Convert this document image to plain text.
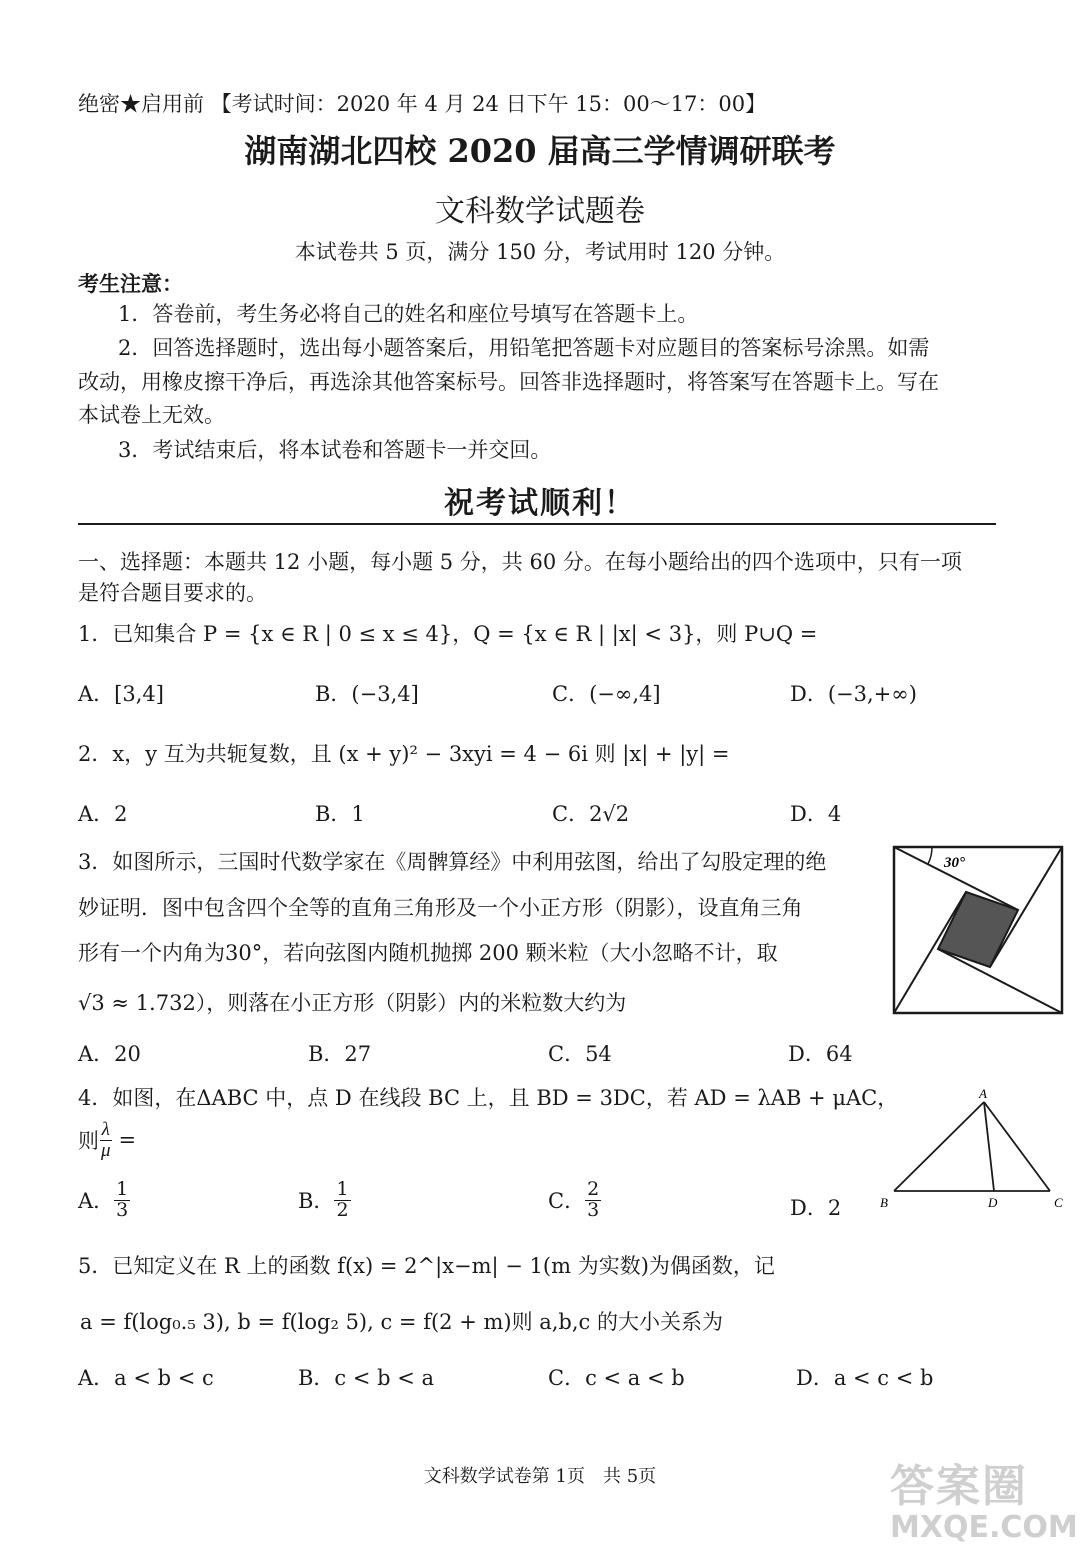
绝密★启用前 【考试时间：2020 年 4 月 24 日下午 15：00～17：00】
湖南湖北四校 2020 届高三学情调研联考
文科数学试题卷
本试卷共 5 页，满分 150 分，考试用时 120 分钟。
考生注意：
1．答卷前，考生务必将自己的姓名和座位号填写在答题卡上。
2．回答选择题时，选出每小题答案后，用铅笔把答题卡对应题目的答案标号涂黑。如需
改动，用橡皮擦干净后，再选涂其他答案标号。回答非选择题时，将答案写在答题卡上。写在
本试卷上无效。
3．考试结束后，将本试卷和答题卡一并交回。
祝考试顺利！
一、选择题：本题共 12 小题，每小题 5 分，共 60 分。在每小题给出的四个选项中，只有一项
是符合题目要求的。
1．已知集合 P = {x ∈ R | 0 ≤ x ≤ 4}，Q = {x ∈ R | |x| < 3}，则 P∪Q =
A．[3,4]	B．(−3,4]	C．(−∞,4]	D．(−3,+∞)
2．x，y 互为共轭复数，且 (x + y)² − 3xyi = 4 − 6i 则 |x| + |y| =
A．2	B．1	C．2√2	D．4
3．如图所示，三国时代数学家在《周髀算经》中利用弦图，给出了勾股定理的绝
妙证明．图中包含四个全等的直角三角形及一个小正方形（阴影），设直角三角
形有一个内角为30°，若向弦图内随机抛掷 200 颗米粒（大小忽略不计，取
√3 ≈ 1.732），则落在小正方形（阴影）内的米粒数大约为
30°
A．20	B．27	C．54	D．64
4．如图，在ΔABC 中，点 D 在线段 BC 上，且 BD = 3DC，若 AD = λAB + μAC，
则 $\frac{\lambda}{\mu}$ =
A． $\frac{1}{3}$	B． $\frac{1}{2}$	C． $\frac{2}{3}$	D．2
A
B	D	C
5．已知定义在 R 上的函数 f(x) = 2^|x−m| − 1(m 为实数)为偶函数，记
a = f(log₀.₅ 3), b = f(log₂ 5), c = f(2 + m)则 a,b,c 的大小关系为
A．a < b < c	B．c < b < a	C．c < a < b	D．a < c < b
文科数学试卷第 1页　共 5页	答案圈
MXQE.COM
